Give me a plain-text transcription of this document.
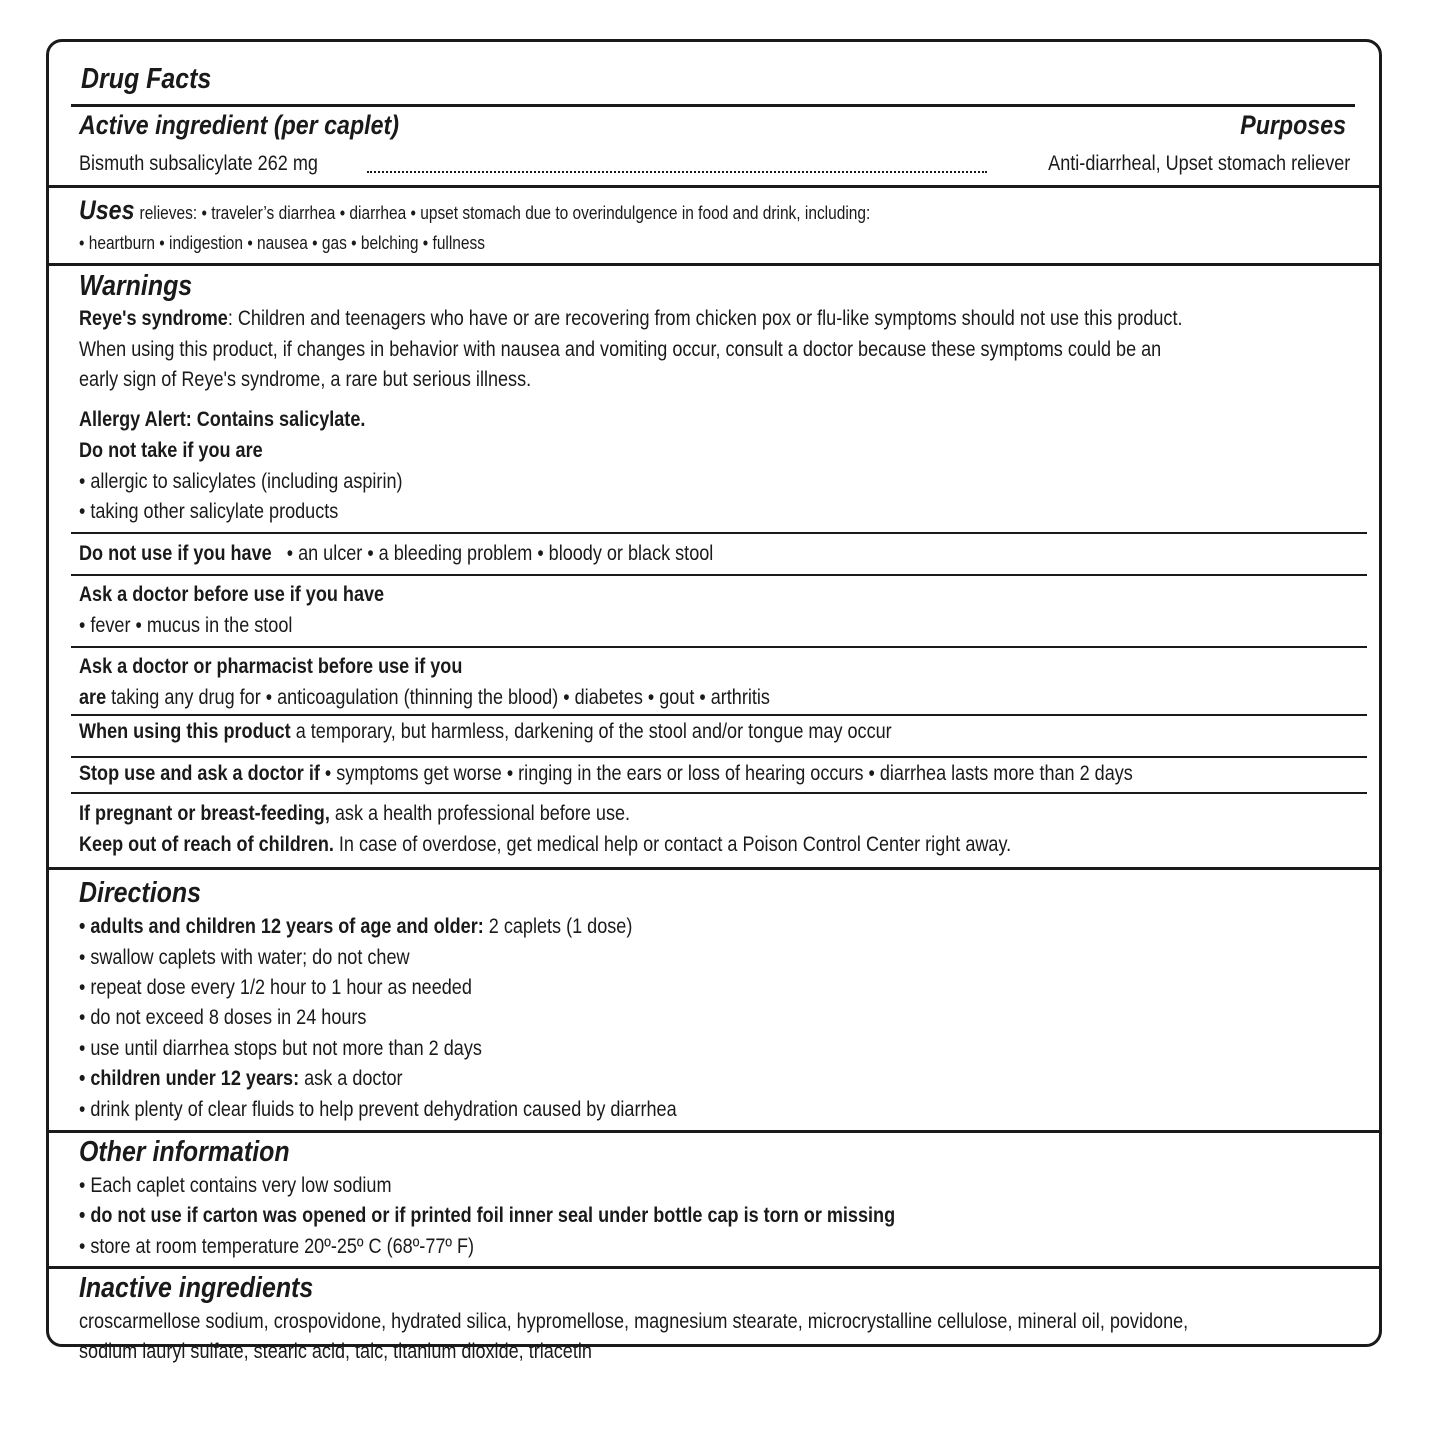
Drug Facts
Active ingredient (per caplet)	Purposes
Bismuth subsalicylate 262 mg	Anti-diarrheal, Upset stomach reliever
Uses relieves: • traveler’s diarrhea • diarrhea • upset stomach due to overindulgence in food and drink, including:
• heartburn • indigestion • nausea • gas • belching • fullness
Warnings
Reye's syndrome: Children and teenagers who have or are recovering from chicken pox or flu-like symptoms should not use this product.
When using this product, if changes in behavior with nausea and vomiting occur, consult a doctor because these symptoms could be an
early sign of Reye's syndrome, a rare but serious illness.
Allergy Alert: Contains salicylate.
Do not take if you are
• allergic to salicylates (including aspirin)
• taking other salicylate products
Do not use if you have • an ulcer • a bleeding problem • bloody or black stool
Ask a doctor before use if you have
• fever • mucus in the stool
Ask a doctor or pharmacist before use if you
are taking any drug for • anticoagulation (thinning the blood) • diabetes • gout • arthritis
When using this product a temporary, but harmless, darkening of the stool and/or tongue may occur
Stop use and ask a doctor if • symptoms get worse • ringing in the ears or loss of hearing occurs • diarrhea lasts more than 2 days
If pregnant or breast-feeding, ask a health professional before use.
Keep out of reach of children. In case of overdose, get medical help or contact a Poison Control Center right away.
Directions
• adults and children 12 years of age and older: 2 caplets (1 dose)
• swallow caplets with water; do not chew
• repeat dose every 1/2 hour to 1 hour as needed
• do not exceed 8 doses in 24 hours
• use until diarrhea stops but not more than 2 days
• children under 12 years: ask a doctor
• drink plenty of clear fluids to help prevent dehydration caused by diarrhea
Other information
• Each caplet contains very low sodium
• do not use if carton was opened or if printed foil inner seal under bottle cap is torn or missing
• store at room temperature 20º-25º C (68º-77º F)
Inactive ingredients
croscarmellose sodium, crospovidone, hydrated silica, hypromellose, magnesium stearate, microcrystalline cellulose, mineral oil, povidone,
sodium lauryl sulfate, stearic acid, talc, titanium dioxide, triacetin
